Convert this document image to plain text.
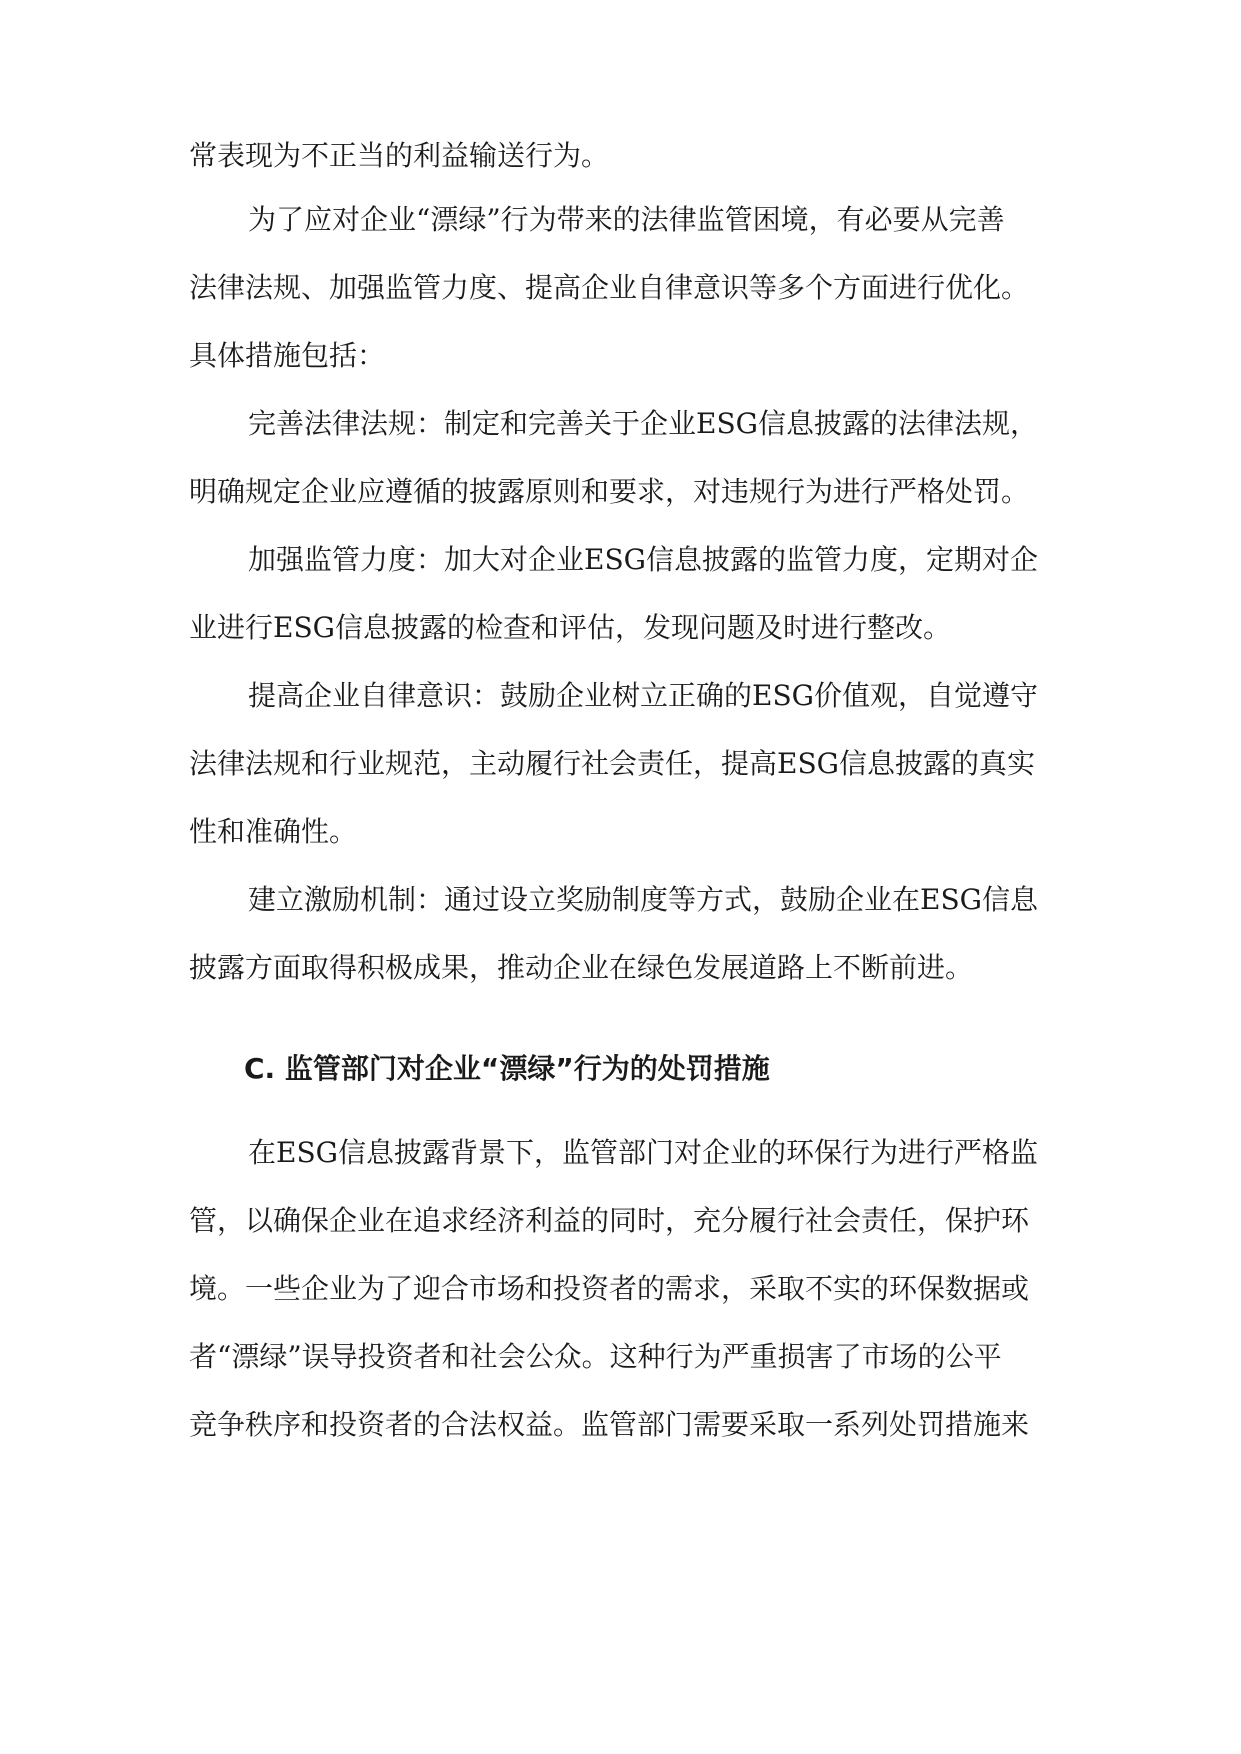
常表现为不正当的利益输送行为。
为了应对企业“漂绿”行为带来的法律监管困境，有必要从完善
法律法规、加强监管力度、提高企业自律意识等多个方面进行优化。
具体措施包括：
完善法律法规：制定和完善关于企业ESG信息披露的法律法规，
明确规定企业应遵循的披露原则和要求，对违规行为进行严格处罚。
加强监管力度：加大对企业ESG信息披露的监管力度，定期对企
业进行ESG信息披露的检查和评估，发现问题及时进行整改。
提高企业自律意识：鼓励企业树立正确的ESG价值观，自觉遵守
法律法规和行业规范，主动履行社会责任，提高ESG信息披露的真实
性和准确性。
建立激励机制：通过设立奖励制度等方式，鼓励企业在ESG信息
披露方面取得积极成果，推动企业在绿色发展道路上不断前进。
C. 监管部门对企业“漂绿”行为的处罚措施
在ESG信息披露背景下，监管部门对企业的环保行为进行严格监
管，以确保企业在追求经济利益的同时，充分履行社会责任，保护环
境。一些企业为了迎合市场和投资者的需求，采取不实的环保数据或
者“漂绿”误导投资者和社会公众。这种行为严重损害了市场的公平
竞争秩序和投资者的合法权益。监管部门需要采取一系列处罚措施来
